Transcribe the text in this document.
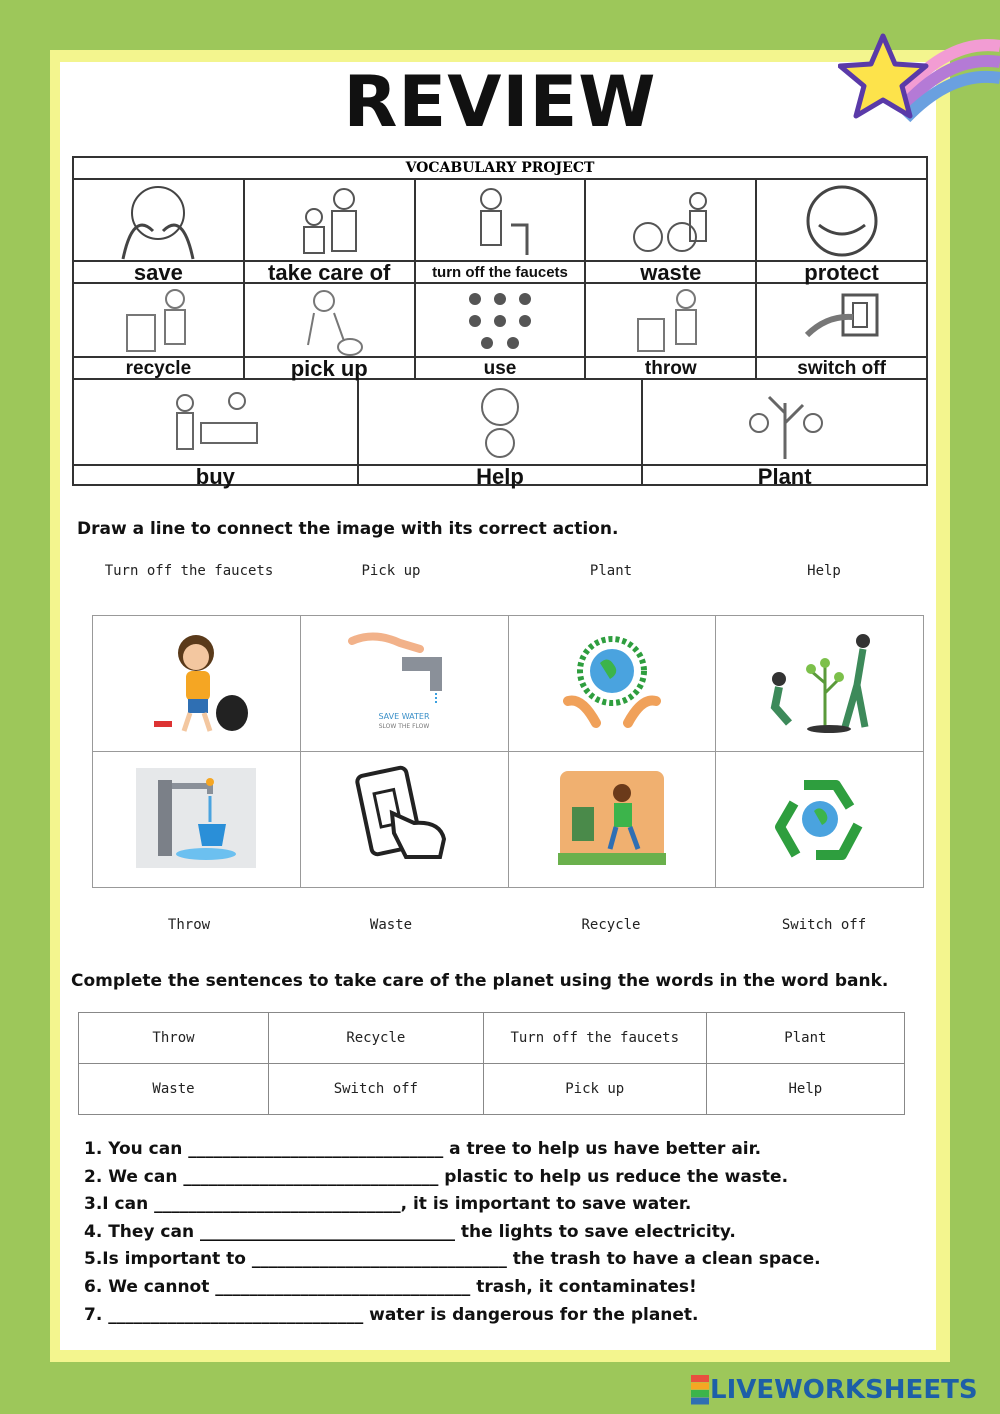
REVIEW
VOCABULARY PROJECT
save	take care of	turn off the faucets	waste	protect
recycle	pick up	use	throw	switch off
buy	Help	Plant
Draw a line to connect the image with its correct action.
Turn off the faucets	Pick up	Plant	Help

SAVE WATER
SLOW THE FLOW

Throw	Waste	Recycle	Switch off
Complete the sentences to take care of the planet using the words in the word bank.
Throw	Recycle	Turn off the faucets	Plant
Waste	Switch off	Pick up	Help
1. You can ______________________________ a tree to help us have better air.
2. We can ______________________________ plastic to help us reduce the waste.
3.I can _____________________________, it is important to save water.
4. They can ______________________________ the lights to save electricity.
5.Is important to ______________________________ the trash to have a clean space.
6. We cannot ______________________________ trash, it contaminates!
7. ______________________________ water is dangerous for the planet.
LIVEWORKSHEETS
